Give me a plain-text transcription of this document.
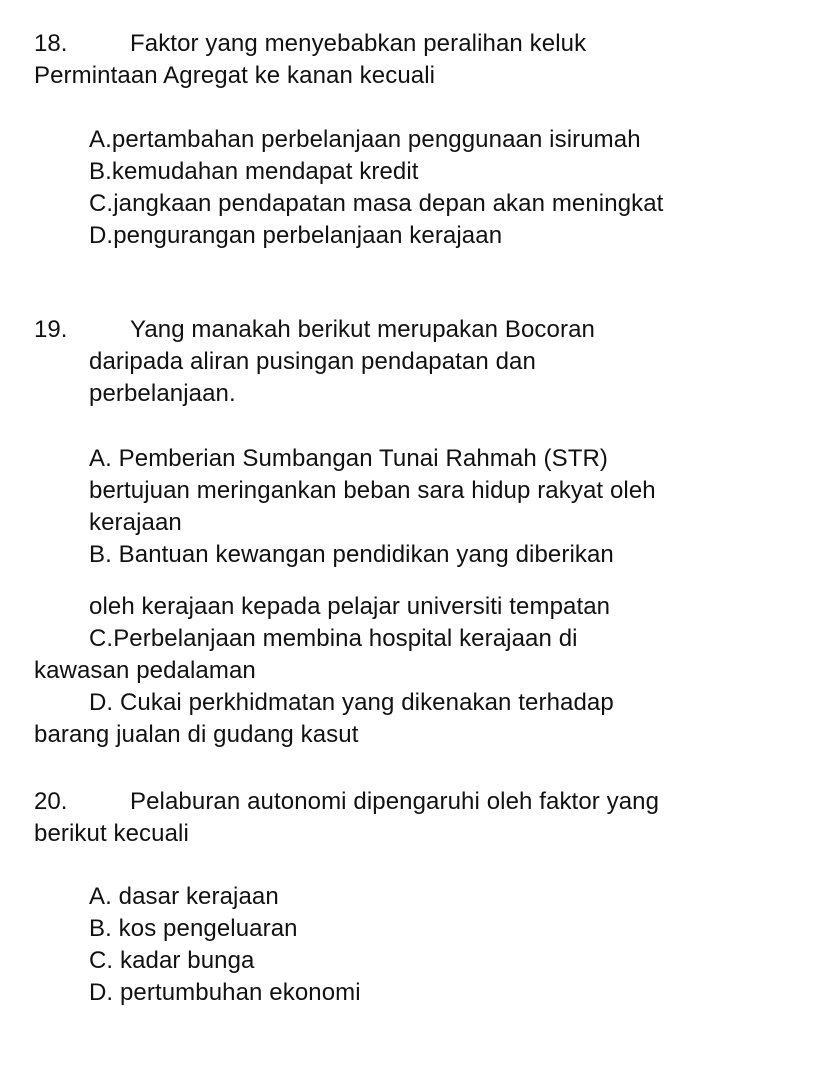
18.	Faktor yang menyebabkan peralihan keluk
Permintaan Agregat ke kanan kecuali
A.pertambahan perbelanjaan penggunaan isirumah
B.kemudahan mendapat kredit
C.jangkaan pendapatan masa depan akan meningkat
D.pengurangan perbelanjaan kerajaan
19.	Yang manakah berikut merupakan Bocoran
daripada aliran pusingan pendapatan dan
perbelanjaan.
A. Pemberian Sumbangan Tunai Rahmah (STR)
bertujuan meringankan beban sara hidup rakyat oleh
kerajaan
B. Bantuan kewangan pendidikan yang diberikan
oleh kerajaan kepada pelajar universiti tempatan
C.Perbelanjaan membina hospital kerajaan di
kawasan pedalaman
D. Cukai perkhidmatan yang dikenakan terhadap
barang jualan di gudang kasut
20.	Pelaburan autonomi dipengaruhi oleh faktor yang
berikut kecuali
A. dasar kerajaan
B. kos pengeluaran
C. kadar bunga
D. pertumbuhan ekonomi
